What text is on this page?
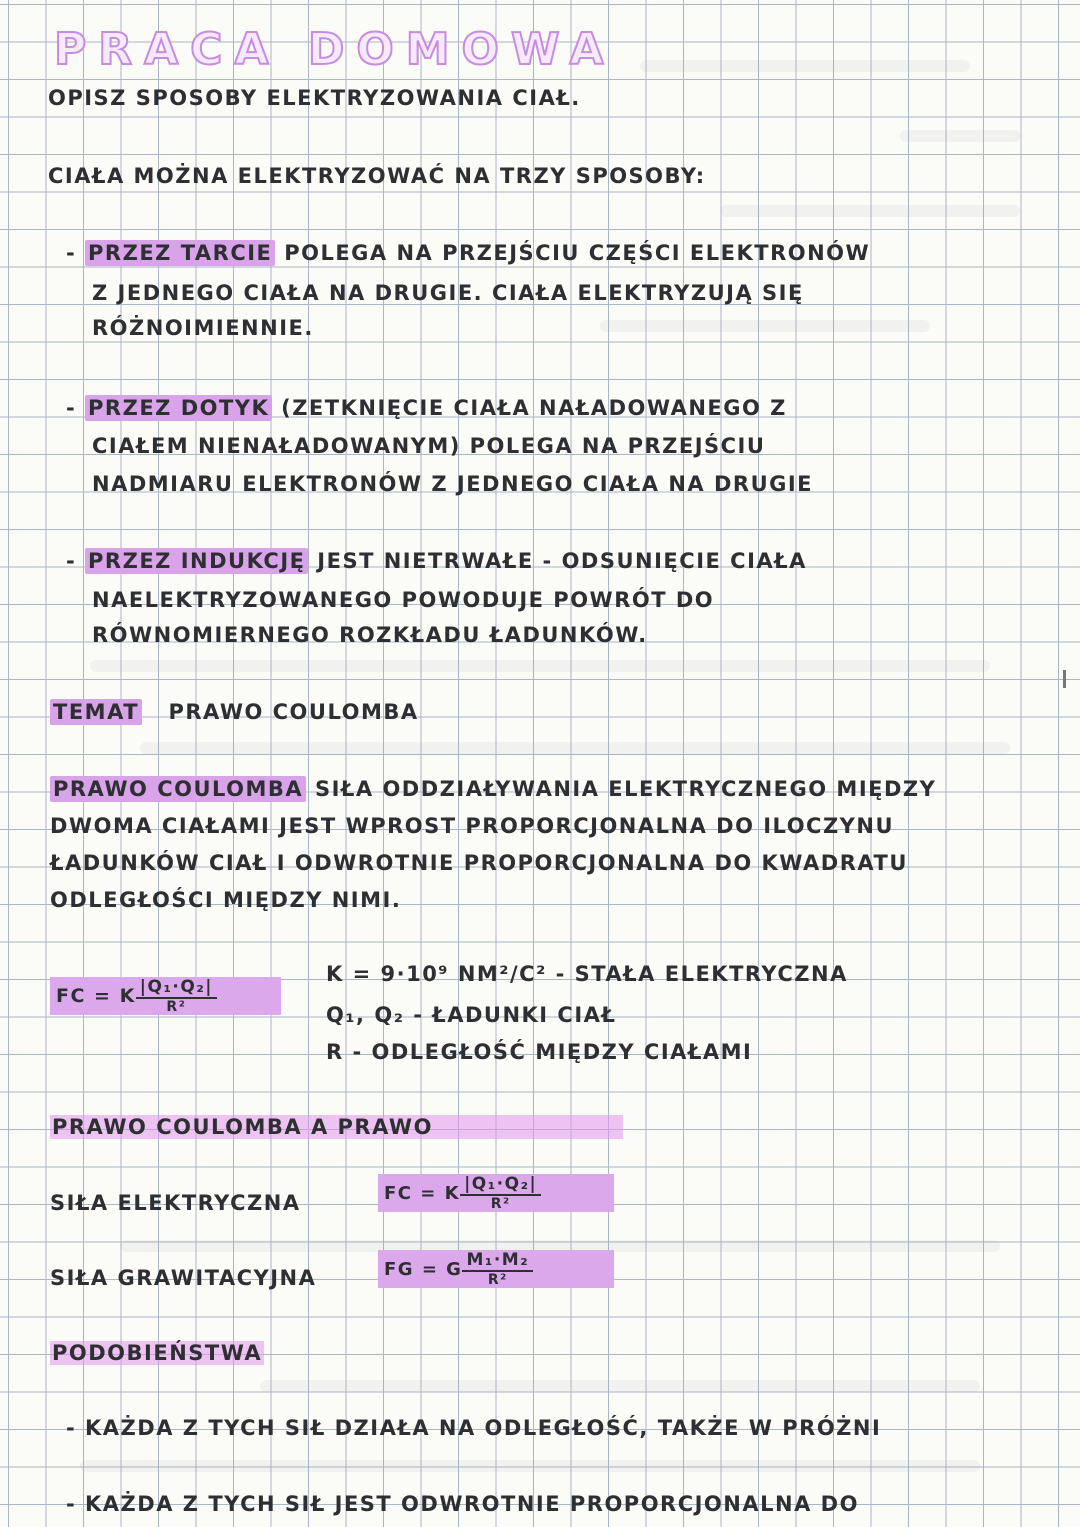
PRACA DOMOWA
OPISZ SPOSOBY ELEKTRYZOWANIA CIAŁ.
CIAŁA MOŻNA ELEKTRYZOWAĆ NA TRZY SPOSOBY:
- PRZEZ TARCIE POLEGA NA PRZEJŚCIU CZĘŚCI ELEKTRONÓW
Z JEDNEGO CIAŁA NA DRUGIE. CIAŁA ELEKTRYZUJĄ SIĘ
RÓŻNOIMIENNIE.
- PRZEZ DOTYK (ZETKNIĘCIE CIAŁA NAŁADOWANEGO Z
CIAŁEM NIENAŁADOWANYM) POLEGA NA PRZEJŚCIU
NADMIARU ELEKTRONÓW Z JEDNEGO CIAŁA NA DRUGIE
- PRZEZ INDUKCJĘ JEST NIETRWAŁE - ODSUNIĘCIE CIAŁA
NAELEKTRYZOWANEGO POWODUJE POWRÓT DO
RÓWNOMIERNEGO ROZKŁADU ŁADUNKÓW.
TEMAT PRAWO COULOMBA
PRAWO COULOMBA SIŁA ODDZIAŁYWANIA ELEKTRYCZNEGO MIĘDZY
DWOMA CIAŁAMI JEST WPROST PROPORCJONALNA DO ILOCZYNU
ŁADUNKÓW CIAŁ I ODWROTNIE PROPORCJONALNA DO KWADRATU
ODLEGŁOŚCI MIĘDZY NIMI.
FC = K $\frac{\text{|Q₁·Q₂|}}{\text{R²}}$
K = 9·10⁹ NM²/C² - STAŁA ELEKTRYCZNA
Q₁, Q₂ - ŁADUNKI CIAŁ
R - ODLEGŁOŚĆ MIĘDZY CIAŁAMI
PRAWO COULOMBA A PRAWO
SIŁA ELEKTRYCZNA	FC = K $\frac{\text{|Q₁·Q₂|}}{\text{R²}}$
SIŁA GRAWITACYJNA	FG = G $\frac{\text{M₁·M₂}}{\text{R²}}$
PODOBIEŃSTWA
- KAŻDA Z TYCH SIŁ DZIAŁA NA ODLEGŁOŚĆ, TAKŻE W PRÓŻNI
- KAŻDA Z TYCH SIŁ JEST ODWROTNIE PROPORCJONALNA DO
